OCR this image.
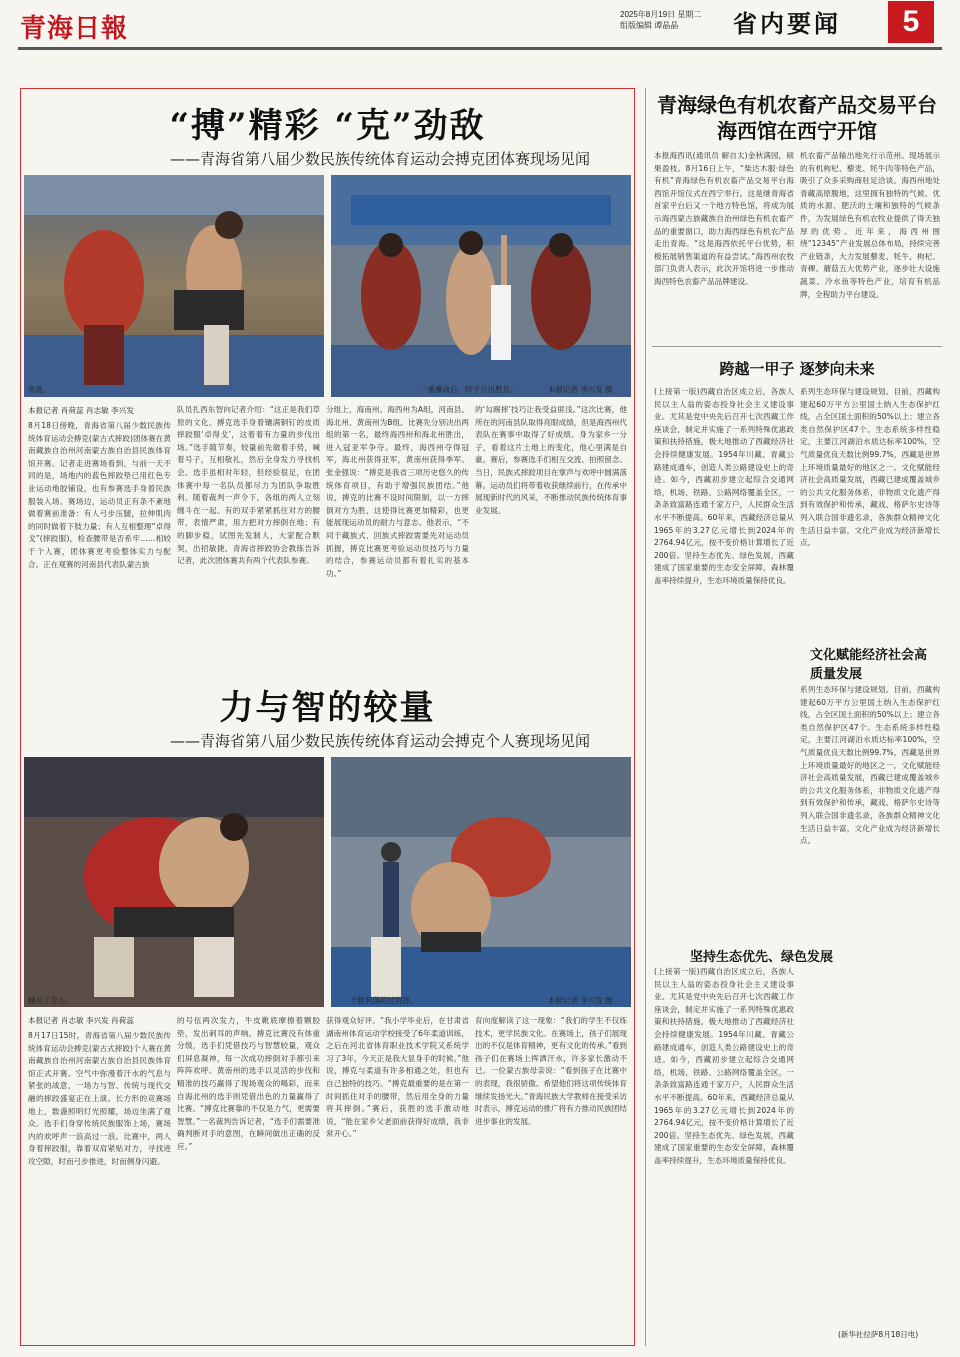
青海日報	2025年8月19日 星期二
组版编辑 谭晶晶	省内要闻	5
“搏”精彩 “克”劲敌
——青海省第八届少数民族传统体育运动会搏克团体赛现场见闻
角逐。	一番鏖战后，终于分出胜负。	本报记者 李兴发 摄
本报记者 肖荷蕊 肖志敏 李兴发
8月18日傍晚，青海省第八届少数民族传统体育运动会搏克(蒙古式摔跤)团体赛在黄南藏族自治州河南蒙古族自治县民族体育馆开赛。记者走进赛场看到，与前一天不同的是，场地内的蓝色摔跤垫已用红色专业运动地胶铺设，也有参赛选手身着民族服装入场。赛场边，运动员正有条不紊地做着赛前准备：有人弓步压腿，拉伸肌肉的同时做着下肢力量；有人互相整理“卓得戈”(摔跤服)，检查腰带是否系牢……相较于个人赛，团体赛更考验整体实力与配合。正在观赛的河南县代表队蒙古族
队员扎西东智向记者介绍：“这正是我们草原的文化。搏克选手身着镶满铜钉的皮质摔跤服‘卓得戈’，这着着有力量的步伐出场。”选手随节奏，较量前先做着手势，喊着号子，互相敬礼，然后全身发力寻找机会。选手虽相对年轻，但经验很足，在团体赛中每一名队员都尽力为团队争取胜利。随着裁判一声令下，各组的两人立刻缠斗在一起。有的双手紧紧抓住对方的腰带，表情严肃，用力把对方摔倒在地；有的脚步稳，试图先发制人，大家配合默契，出招敏捷。青海省摔跤协会教练告诉记者，此次团体赛共有两个代表队参赛。
分组上，海南州、海西州为A组，河南县、海北州、黄南州为B组。比赛先分别决出两组的第一名，最终海西州和海北州胜出，进入冠亚军争夺。最终，海西州夺得冠军，海北州获得亚军，黄南州获得季军。张金强说：“搏克是我省三项历史悠久的传统体育项目，有助于增强民族团结。”他说，搏克的比赛不设时间限制，以一方摔倒对方为胜，这使得比赛更加精彩，也更能展现运动员的耐力与意志。他表示，“不同于藏族式、回族式摔跤需要先对运动员抓握，搏克比赛更考验运动员技巧与力量的结合，参赛运动员都有着扎实的基本功。”
的‘勾踢摔’技巧让我受益匪浅。”这次比赛，他所在的河南县队取得亮眼成绩，但是海西州代表队在赛事中取得了好成绩。身为家乡一分子，看着这片土地上的变化，他心里满是自豪。赛后，参赛选手们相互交流、拍照留念。当日，民族式摔跤项目在掌声与欢呼中圆满落幕。运动员们将带着收获继续前行，在传承中展现新时代的风采，不断推动民族传统体育事业发展。
力与智的较量
——青海省第八届少数民族传统体育运动会搏克个人赛现场见闻
倾尽了全力。	干脆利落的过肩摔。	本报记者 李兴发 摄
本报记者 肖志敏 李兴发 肖荷蕊
8月17日15时，青海省第八届少数民族传统体育运动会搏克(蒙古式摔跤)个人赛在黄南藏族自治州河南蒙古族自治县民族体育馆正式开赛。空气中弥漫着汗水的气息与紧张的战意，一场力与智、传统与现代交融的摔跤盛宴正在上演。长方形的竞赛场地上，数盏照明灯光照耀，场边坐满了观众。选手们身穿传统民族服饰上场，赛场内的欢呼声一浪高过一浪。比赛中，两人身着摔跤服，靠着双肩紧贴对方，寻找进攻空隙，时而弓步推进，时而侧身闪避。
的号伍两次发力，牛皮靴底摩擦着颗胶垫，发出刺耳的声响。搏克比赛没有体重分级，选手们凭借技巧与智慧较量，观众们屏息凝神，每一次成功摔倒对手都引来阵阵欢呼。黄南州的选手以灵活的步伐和精准的技巧赢得了现场观众的喝彩，而来自海北州的选手则凭借出色的力量赢得了比赛。“搏克比赛靠的不仅是力气，更需要智慧。”一名裁判告诉记者，“选手们需要准确判断对手的意图，在瞬间做出正确的反应。”
获得观众好评。“我小学毕业后，在甘肃省湖南州体育运动学校接受了6年柔道训练，之后在河北省体育职业技术学院又系统学习了3年，今天正是我大显身手的时候。”他说，搏克与柔道有许多相通之处，但也有自己独特的技巧。“搏克最重要的是在第一时间抓住对手的腰带，然后用全身的力量将其摔倒。”赛后，获胜的选手激动地说，“能在家乡父老面前获得好成绩，我非常开心。”
育向度解读了这一现象：“我们的学生不仅练技术，更学民族文化。在赛场上，孩子们展现出的不仅是体育精神，更有文化的传承。”看到孩子们在赛场上挥洒汗水，许多家长激动不已。一位蒙古族母亲说：“看到孩子在比赛中的表现，我很骄傲。希望他们将这项传统体育继续发扬光大。”青海民族大学教师在接受采访时表示，搏克运动的推广将有力推动民族团结进步事业的发展。
青海绿色有机农畜产品交易平台海西馆在西宁开馆
本报海西讯(通讯员 解自太)金秋满园，硕果盈枝。8月16日上午，“柴达木服·绿色有机”青海绿色有机农畜产品交易平台海西馆开馆仪式在西宁举行。这是继青海省首家平台后又一个地方特色馆，将成为展示海西蒙古族藏族自治州绿色有机农畜产品的重要窗口，助力海西绿色有机农产品走出青海。“这是海西依托平台优势，积极拓展销售渠道的有益尝试。”海西州农牧部门负责人表示，此次开馆将进一步推动海西特色农畜产品品牌建设。
机农畜产品输出地先行示范州。现场展示的有机枸杞、藜麦、牦牛肉等特色产品，吸引了众多采购商驻足洽谈。海西州地处青藏高原腹地，这里拥有独特的气候、优质的水源、肥沃的土壤和独特的气候条件，为发展绿色有机农牧业提供了得天独厚的优势。近年来，海西州围绕“12345”产业发展总体布局，持续完善产业链条，大力发展藜麦、牦牛、枸杞、青稞、蘑菇五大优势产业，逐步壮大设施蔬菜、冷水鱼等特色产业，培育有机品牌，全程助力平台建设。
跨越一甲子 逐梦向未来
(上接第一版)西藏自治区成立后，各族人民以主人翁的姿态投身社会主义建设事业。尤其是党中央先后召开七次西藏工作座谈会，制定并实施了一系列特殊优惠政策和扶持措施，极大地推动了西藏经济社会持续健康发展。1954年川藏、青藏公路建成通车，创造人类公路建设史上的奇迹。如今，西藏初步建立起综合交通网络，机场、铁路、公路网络覆盖全区，一条条致富路连通千家万户，人民群众生活水平不断提高。60年来，西藏经济总量从1965年的3.27亿元增长到2024年的2764.94亿元，按不变价格计算增长了近200倍。坚持生态优先、绿色发展，西藏建成了国家重要的生态安全屏障，森林覆盖率持续提升，生态环境质量保持优良。
坚持生态优先、绿色发展
(上接第一版)西藏自治区成立后，各族人民以主人翁的姿态投身社会主义建设事业。尤其是党中央先后召开七次西藏工作座谈会，制定并实施了一系列特殊优惠政策和扶持措施，极大地推动了西藏经济社会持续健康发展。1954年川藏、青藏公路建成通车，创造人类公路建设史上的奇迹。如今，西藏初步建立起综合交通网络，机场、铁路、公路网络覆盖全区，一条条致富路连通千家万户，人民群众生活水平不断提高。60年来，西藏经济总量从1965年的3.27亿元增长到2024年的2764.94亿元，按不变价格计算增长了近200倍。坚持生态优先、绿色发展，西藏建成了国家重要的生态安全屏障，森林覆盖率持续提升，生态环境质量保持优良。
系列生态环保与建设规划。目前，西藏构建起60万平方公里国土纳入生态保护红线，占全区国土面积的50%以上；建立各类自然保护区47个。生态系统多样性稳定，主要江河湖泊水质达标率100%，空气质量优良天数比例99.7%，西藏是世界上环境质量最好的地区之一。文化赋能经济社会高质量发展，西藏已建成覆盖城乡的公共文化服务体系，非物质文化遗产得到有效保护和传承，藏戏、格萨尔史诗等列入联合国非遗名录，各族群众精神文化生活日益丰富，文化产业成为经济新增长点。
文化赋能经济社会高质量发展
系列生态环保与建设规划。目前，西藏构建起60万平方公里国土纳入生态保护红线，占全区国土面积的50%以上；建立各类自然保护区47个。生态系统多样性稳定，主要江河湖泊水质达标率100%，空气质量优良天数比例99.7%，西藏是世界上环境质量最好的地区之一。文化赋能经济社会高质量发展，西藏已建成覆盖城乡的公共文化服务体系，非物质文化遗产得到有效保护和传承，藏戏、格萨尔史诗等列入联合国非遗名录，各族群众精神文化生活日益丰富，文化产业成为经济新增长点。
(新华社拉萨8月18日电)
